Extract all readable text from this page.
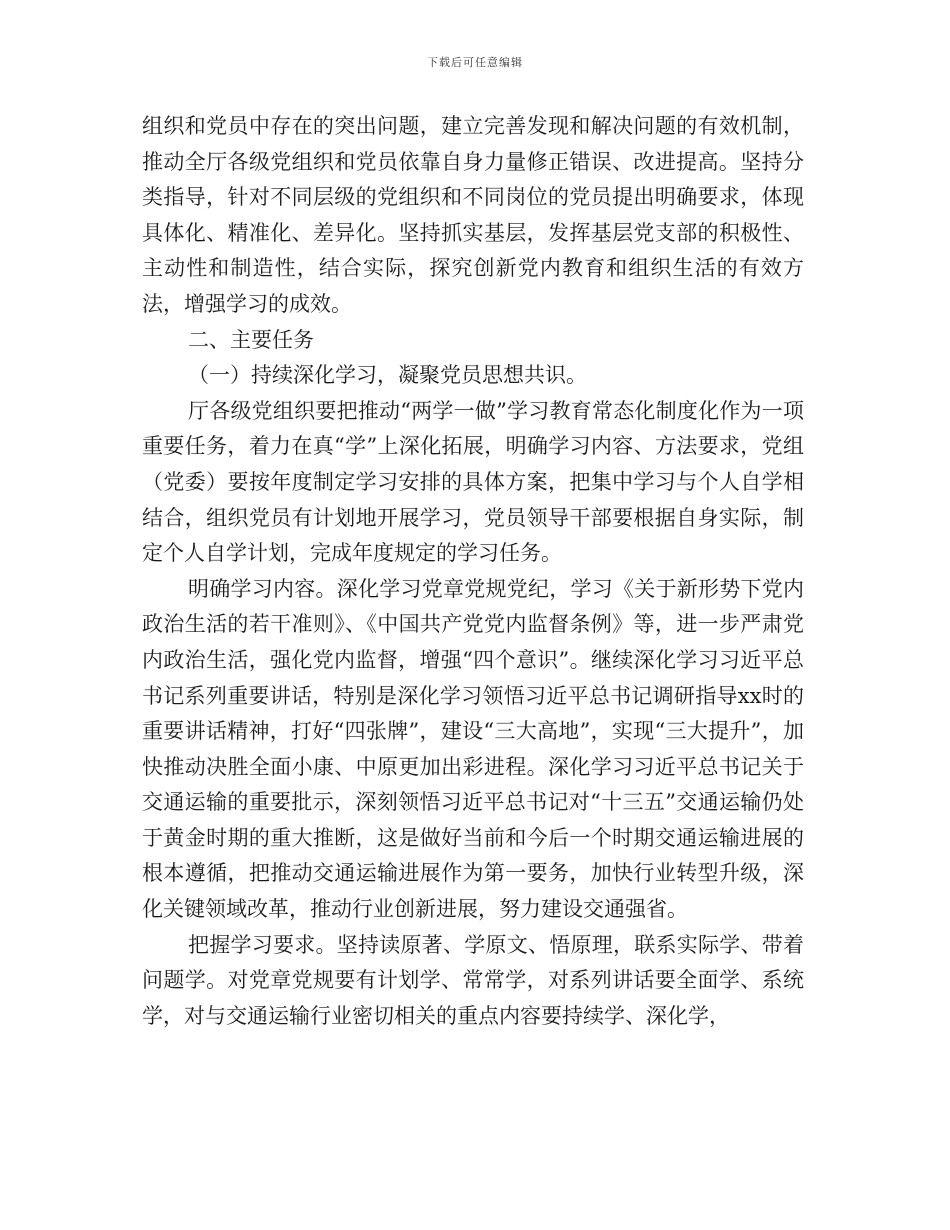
下载后可任意编辑

组织和党员中存在的突出问题，建立完善发现和解决问题的有效机制，推动全厅各级党组织和党员依靠自身力量修正错误、改进提高。坚持分类指导，针对不同层级的党组织和不同岗位的党员提出明确要求，体现具体化、精准化、差异化。坚持抓实基层，发挥基层党支部的积极性、主动性和制造性，结合实际，探究创新党内教育和组织生活的有效方法，增强学习的成效。

二、主要任务

（一）持续深化学习，凝聚党员思想共识。

厅各级党组织要把推动“两学一做”学习教育常态化制度化作为一项重要任务，着力在真“学”上深化拓展，明确学习内容、方法要求，党组（党委）要按年度制定学习安排的具体方案，把集中学习与个人自学相结合，组织党员有计划地开展学习，党员领导干部要根据自身实际，制定个人自学计划，完成年度规定的学习任务。

明确学习内容。深化学习党章党规党纪，学习《关于新形势下党内政治生活的若干准则》、《中国共产党党内监督条例》等，进一步严肃党内政治生活，强化党内监督，增强“四个意识”。继续深化学习习近平总书记系列重要讲话，特别是深化学习领悟习近平总书记调研指导xx时的重要讲话精神，打好“四张牌”，建设“三大高地”，实现“三大提升”，加快推动决胜全面小康、中原更加出彩进程。深化学习习近平总书记关于交通运输的重要批示，深刻领悟习近平总书记对“十三五”交通运输仍处于黄金时期的重大推断，这是做好当前和今后一个时期交通运输进展的根本遵循，把推动交通运输进展作为第一要务，加快行业转型升级，深化关键领域改革，推动行业创新进展，努力建设交通强省。

把握学习要求。坚持读原著、学原文、悟原理，联系实际学、带着问题学。对党章党规要有计划学、常常学，对系列讲话要全面学、系统学，对与交通运输行业密切相关的重点内容要持续学、深化学，
